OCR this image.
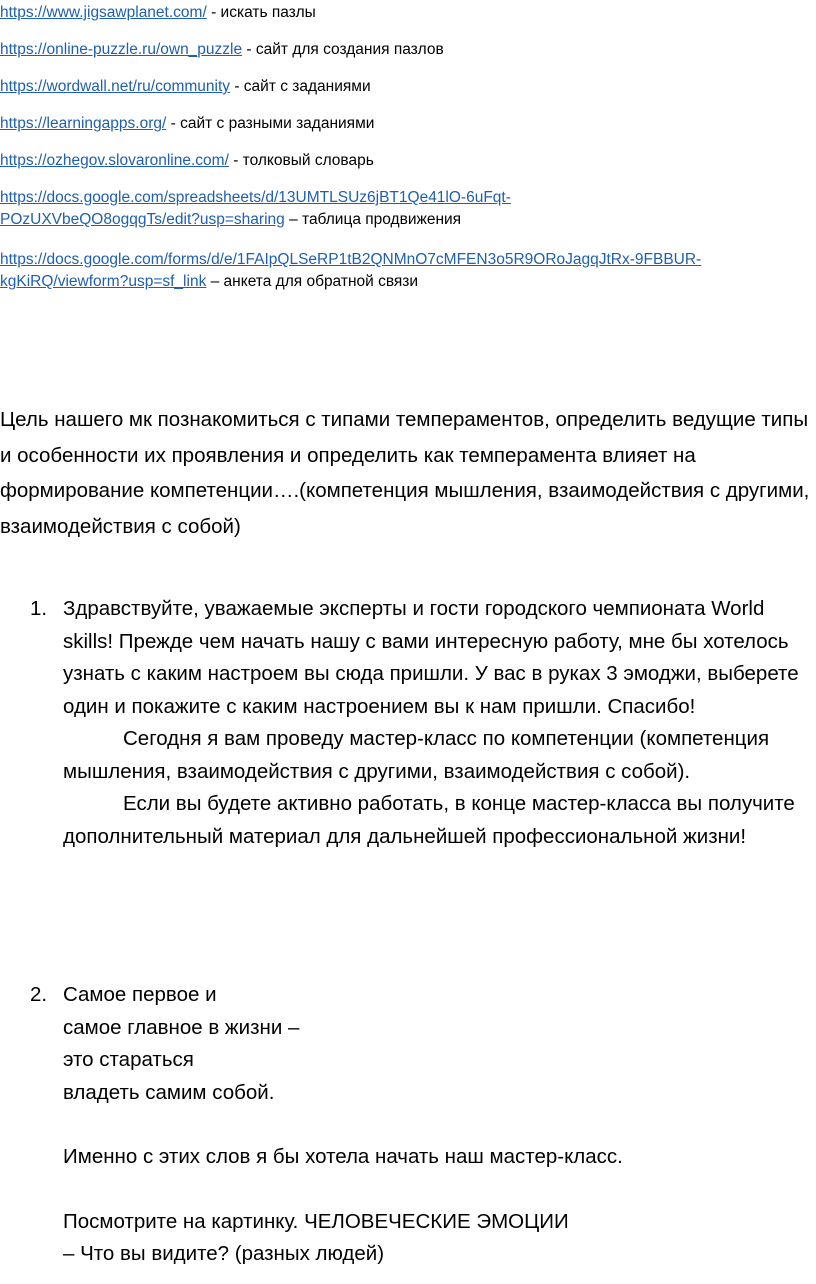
https://www.jigsawplanet.com/ - искать пазлы
https://online-puzzle.ru/own_puzzle - сайт для создания пазлов
https://wordwall.net/ru/community - сайт с заданиями
https://learningapps.org/ - сайт с разными заданиями
https://ozhegov.slovaronline.com/ - толковый словарь
https://docs.google.com/spreadsheets/d/13UMTLSUz6jBT1Qe41lO-6uFqt-
POzUXVbeQO8ogqgTs/edit?usp=sharing – таблица продвижения
https://docs.google.com/forms/d/e/1FAIpQLSeRP1tB2QNMnO7cMFEN3o5R9ORoJagqJtRx-9FBBUR-
kgKiRQ/viewform?usp=sf_link – анкета для обратной связи

Цель нашего мк познакомиться с типами темпераментов, определить ведущие типы и особенности их проявления и определить как темперамента влияет на формирование компетенции….(компетенция мышления, взаимодействия с другими, взаимодействия с собой)

1. Здравствуйте, уважаемые эксперты и гости городского чемпионата World skills! Прежде чем начать нашу с вами интересную работу, мне бы хотелось узнать с каким настроем вы сюда пришли. У вас в руках 3 эмоджи, выберете один и покажите с каким настроением вы к нам пришли. Спасибо!

Сегодня я вам проведу мастер-класс по компетенции (компетенция мышления, взаимодействия с другими, взаимодействия с собой).

Если вы будете активно работать, в конце мастер-класса вы получите дополнительный материал для дальнейшей профессиональной жизни!

2. Самое первое и

самое главное в жизни –

это стараться

владеть самим собой.

Именно с этих слов я бы хотела начать наш мастер-класс.

Посмотрите на картинку. ЧЕЛОВЕЧЕСКИЕ ЭМОЦИИ

– Что вы видите? (разных людей)
